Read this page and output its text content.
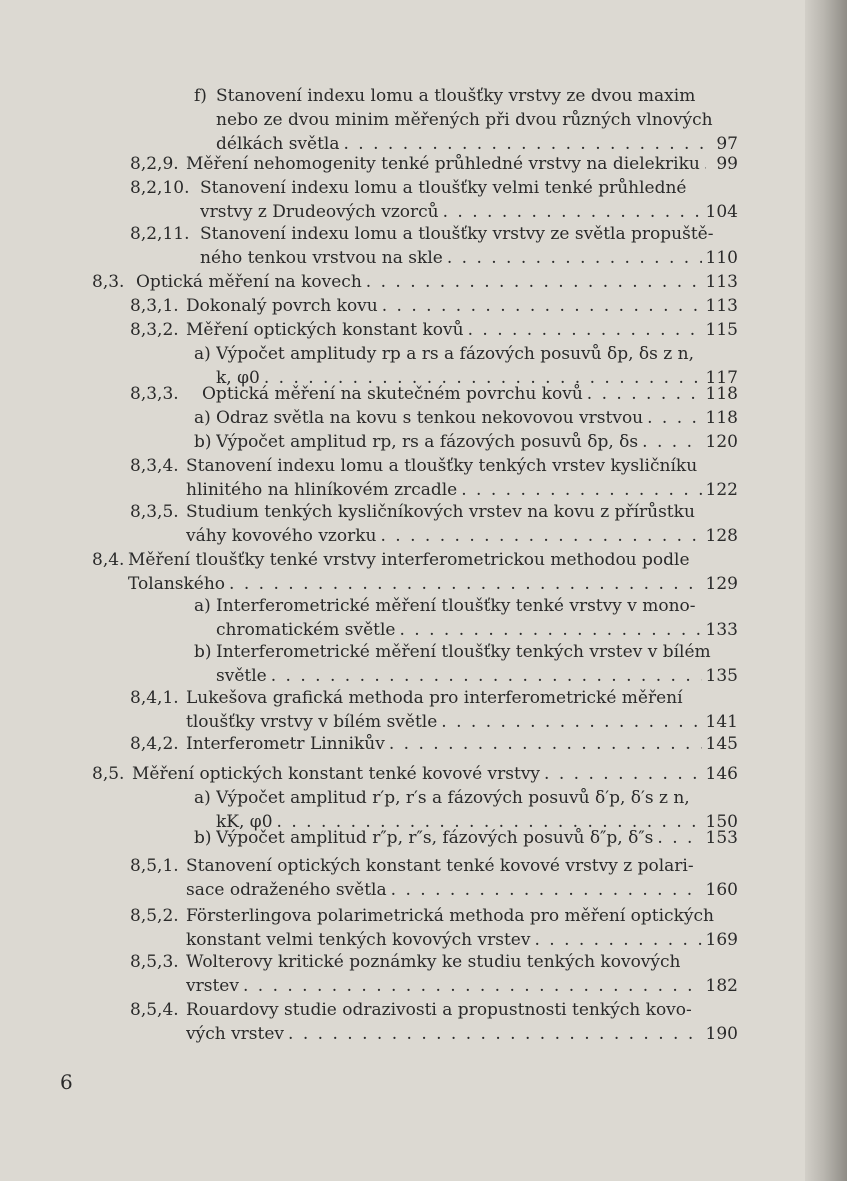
f) Stanovení indexu lomu a tloušťky vrstvy ze dvou maxim
nebo ze dvou minim měřených při dvou různých vlnových
délkách světla . . .	97
8,2,9. Měření nehomogenity tenké průhledné vrstvy na dielekriku . . . 99
8,2,10. Stanovení indexu lomu a tloušťky velmi tenké průhledné
vrstvy z Drudeových vzorců . . .	104
8,2,11. Stanovení indexu lomu a tloušťky vrstvy ze světla propuště-
ného tenkou vrstvou na skle . . .	110
8,3. Optická měření na kovech . . .	113
8,3,1. Dokonalý povrch kovu . . .	113
8,3,2. Měření optických konstant kovů . . .	115
a) Výpočet amplitudy rp a rs a fázových posuvů δp, δs z n,
k, φ0 . . .	117
8,3,3. Optická měření na skutečném povrchu kovů . . .	118
a) Odraz světla na kovu s tenkou nekovovou vrstvou . . .	118
b) Výpočet amplitud rp, rs a fázových posuvů δp, δs . . .	120
8,3,4. Stanovení indexu lomu a tloušťky tenkých vrstev kysličníku
hlinitého na hliníkovém zrcadle . . .	122
8,3,5. Studium tenkých kysličníkových vrstev na kovu z přírůstku
váhy kovového vzorku . . .	128
8,4. Měření tloušťky tenké vrstvy interferometrickou methodou podle
Tolanského . . .	129
a) Interferometrické měření tloušťky tenké vrstvy v mono-
chromatickém světle . . .	133
b) Interferometrické měření tloušťky tenkých vrstev v bílém
světle . . .	135
8,4,1. Lukešova grafická methoda pro interferometrické měření
tloušťky vrstvy v bílém světle . . .	141
8,4,2. Interferometr Linnikův . . .	145
8,5. Měření optických konstant tenké kovové vrstvy . . .	146
a) Výpočet amplitud r′p, r′s a fázových posuvů δ′p, δ′s z n,
kK, φ0 . . .	150
b) Výpočet amplitud r″p, r″s, fázových posuvů δ″p, δ″s . . .	153
8,5,1. Stanovení optických konstant tenké kovové vrstvy z polari-
sace odraženého světla . . .	160
8,5,2. Försterlingova polarimetrická methoda pro měření optických
konstant velmi tenkých kovových vrstev . . .	169
8,5,3. Wolterovy kritické poznámky ke studiu tenkých kovových
vrstev . . .	182
8,5,4. Rouardovy studie odrazivosti a propustnosti tenkých kovo-
vých vrstev . . .	190
6
